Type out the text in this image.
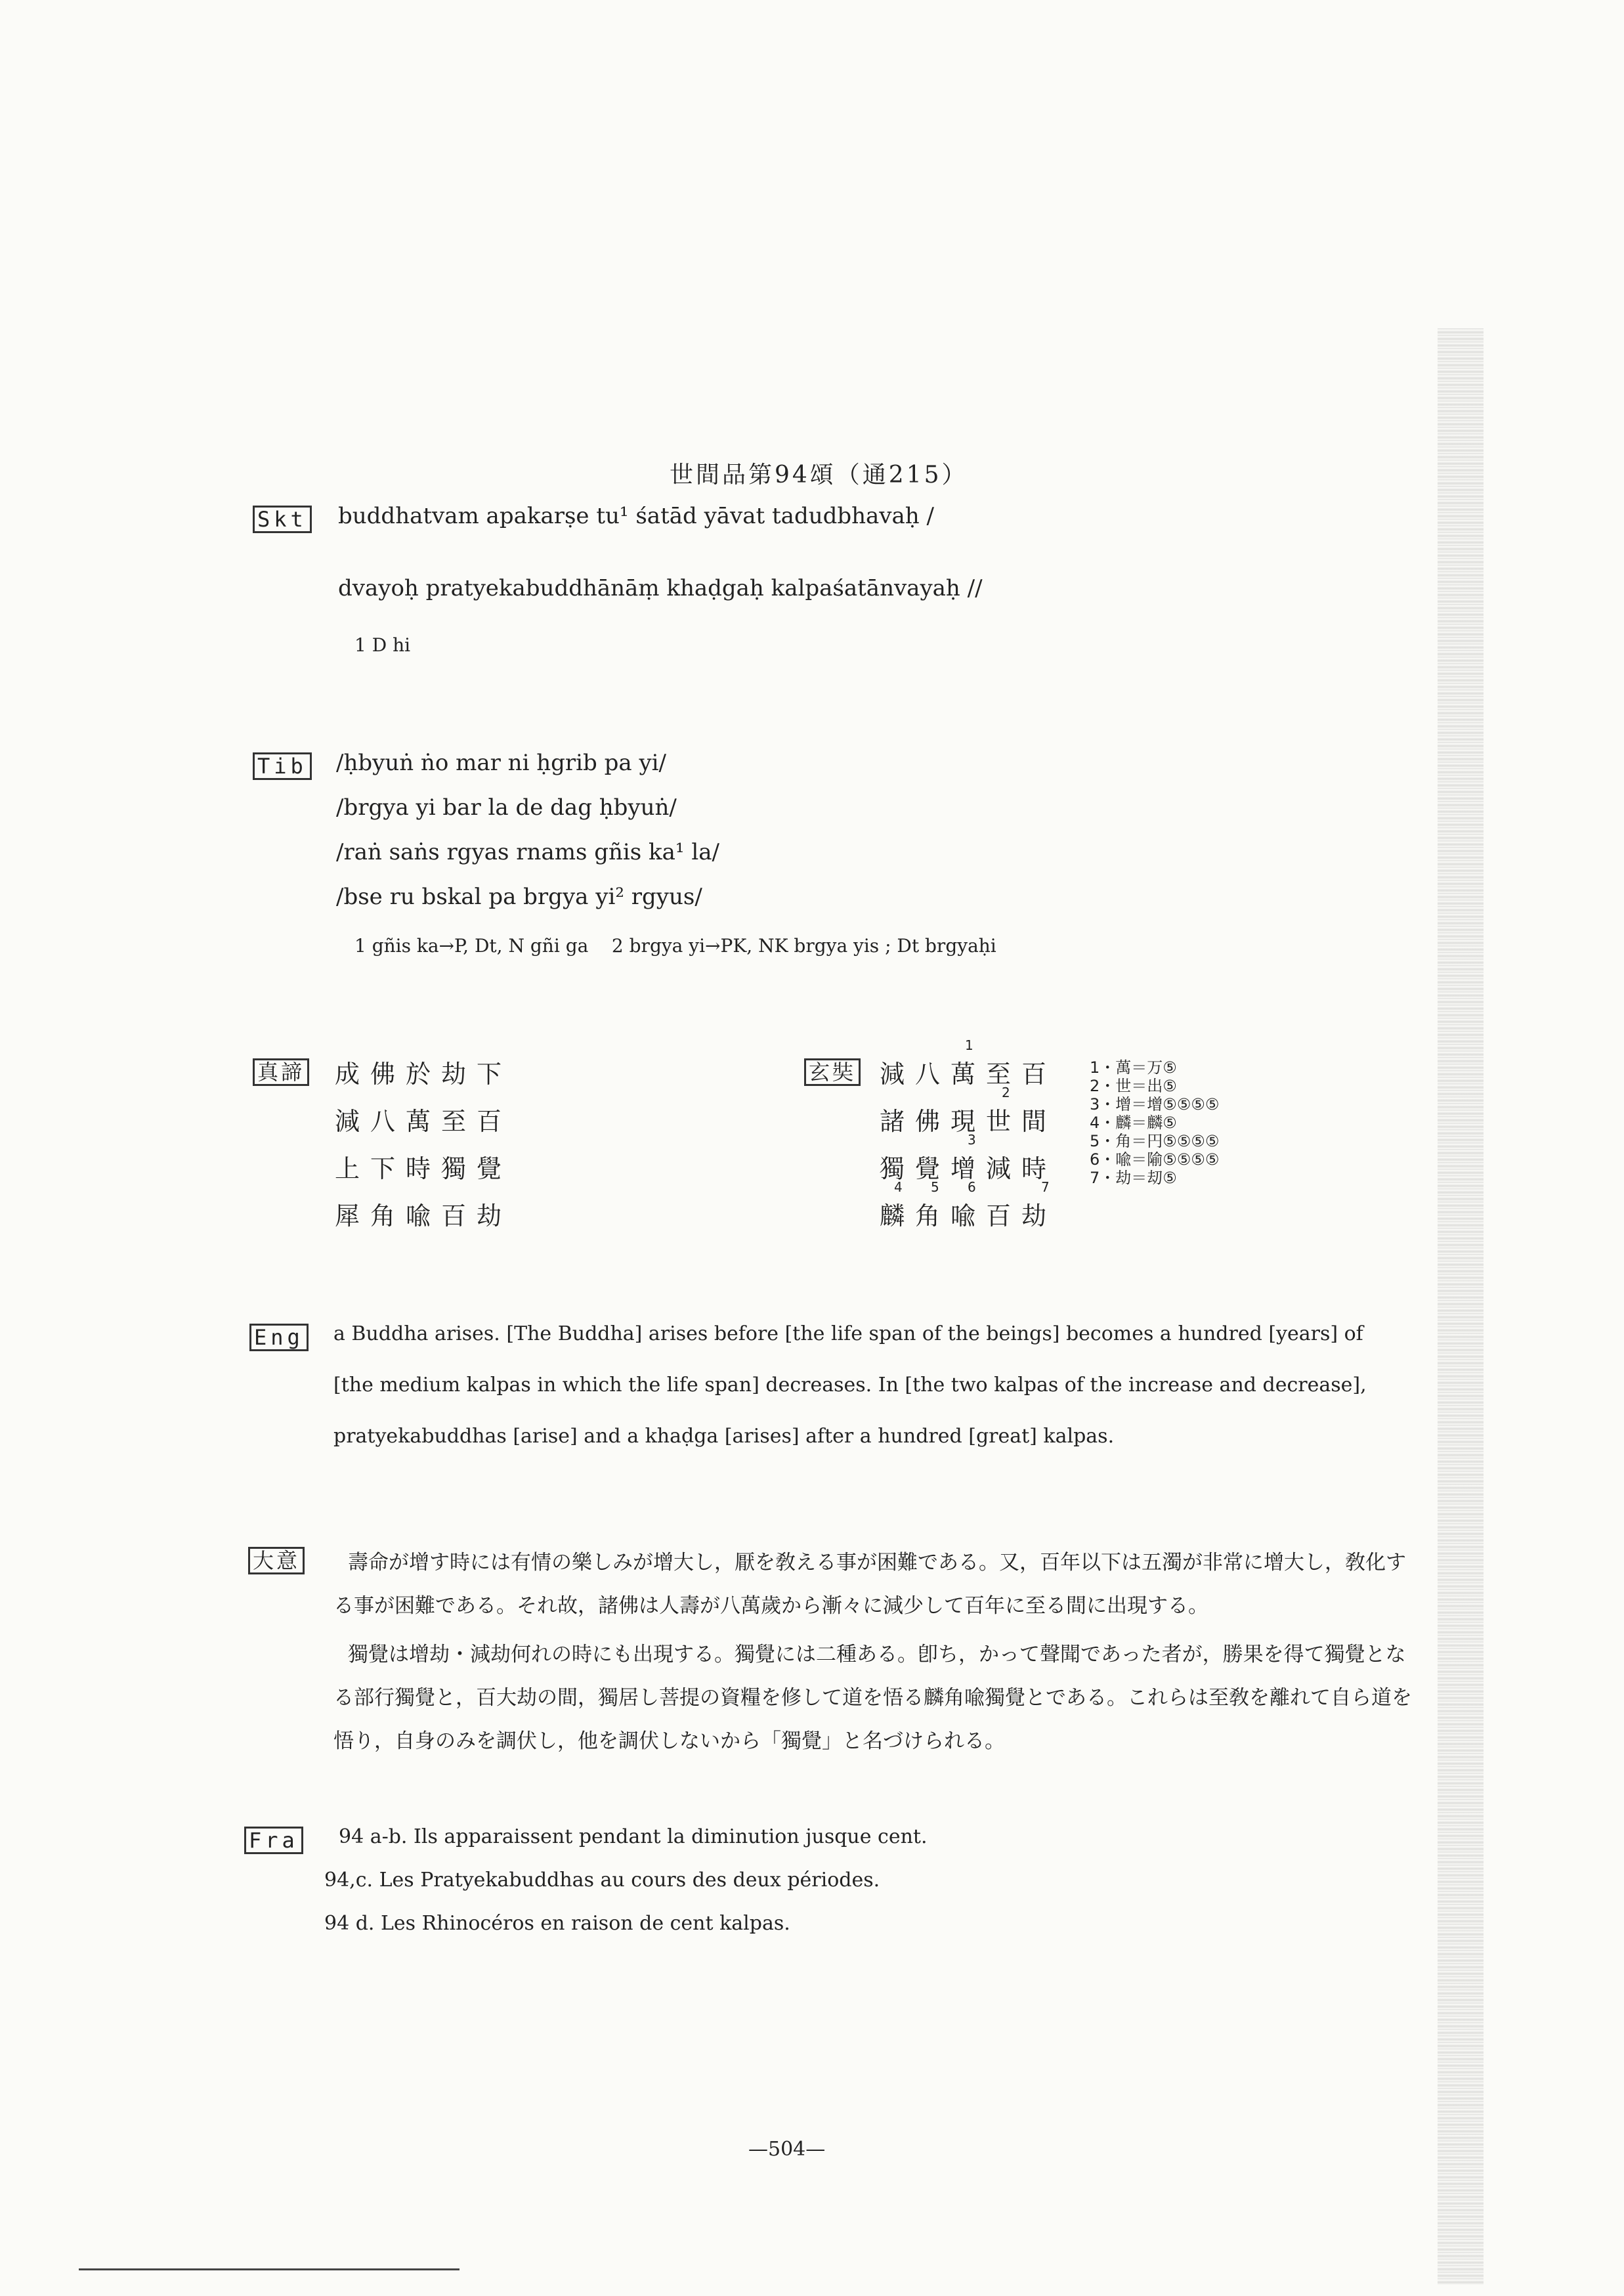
世間品第94頌（通215）
Skt buddhatvam apakarṣe tu¹ śatād yāvat tadudbhavaḥ /
dvayoḥ pratyekabuddhānāṃ khaḍgaḥ kalpaśatānvayaḥ //
1 D hi
Tib /ḥbyuṅ ṅo mar ni ḥgrib pa yi/
/brgya yi bar la de dag ḥbyuṅ/
/raṅ saṅs rgyas rnams gñis ka¹ la/
/bse ru bskal pa brgya yi² rgyus/
1 gñis ka→P, Dt, N gñi ga    2 brgya yi→PK, NK brgya yis ; Dt brgyaḥi
真諦 成佛於劫下
減八萬至百
上下時獨覺
犀角喩百劫
玄奘 減八萬至百
諸佛現世間
獨覺增減時
麟角喩百劫
1
2
3
4 5 6	7
1・萬＝万⑤
2・世＝出⑤
3・增＝增⑤⑤⑤⑤
4・麟＝麟⑤
5・角＝円⑤⑤⑤⑤
6・喩＝隃⑤⑤⑤⑤
7・劫＝刧⑤
Eng a Buddha arises. [The Buddha] arises before [the life span of the beings] becomes a hundred [years] of
[the medium kalpas in which the life span] decreases. In [the two kalpas of the increase and decrease],
pratyekabuddhas [arise] and a khaḍga [arises] after a hundred [great] kalpas.
大意 壽命が增す時には有情の樂しみが增大し，厭を敎える事が困難である。又，百年以下は五濁が非常に增大し，敎化す
る事が困難である。それ故，諸佛は人壽が八萬歲から漸々に減少して百年に至る間に出現する。
獨覺は增劫・減劫何れの時にも出現する。獨覺には二種ある。卽ち，かって聲聞であった者が，勝果を得て獨覺とな
る部行獨覺と，百大劫の間，獨居し菩提の資糧を修して道を悟る麟角喩獨覺とである。これらは至敎を離れて自ら道を
悟り，自身のみを調伏し，他を調伏しないから「獨覺」と名づけられる。
Fra 94 a-b. Ils apparaissent pendant la diminution jusque cent.
94,c. Les Pratyekabuddhas au cours des deux périodes.
94 d. Les Rhinocéros en raison de cent kalpas.
—504—
